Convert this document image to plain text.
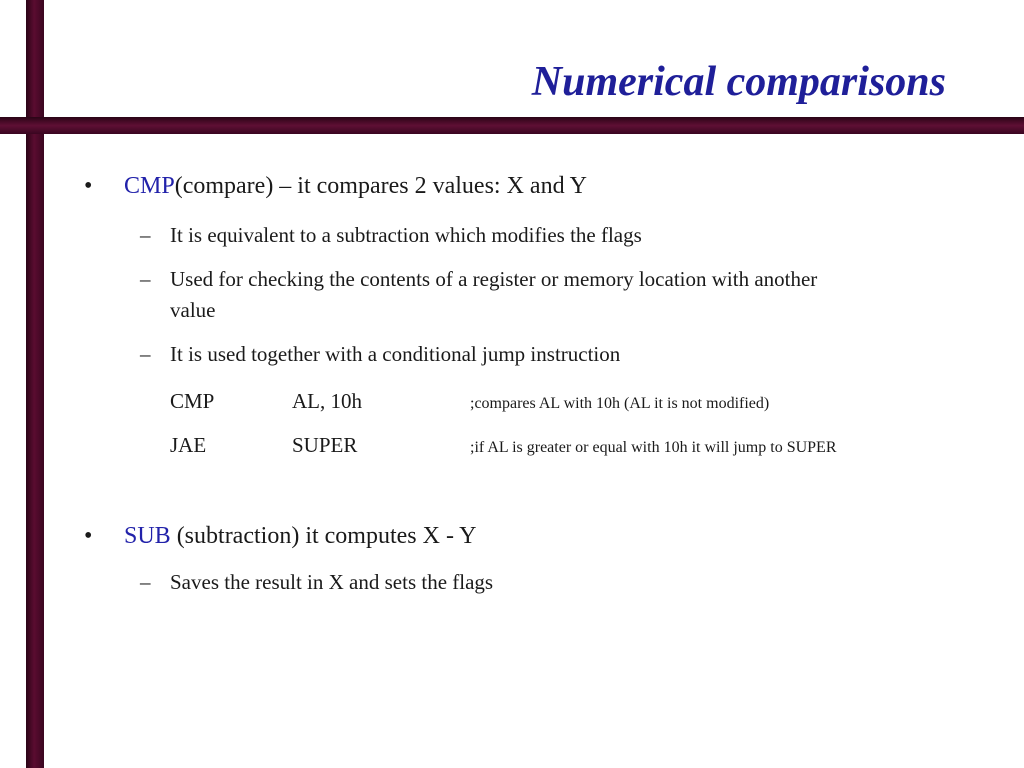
Numerical comparisons
• CMP(compare) – it compares 2 values: X and Y
– It is equivalent to a subtraction which modifies the flags
– Used for checking the contents of a register or memory location with another
value
– It is used together with a conditional jump instruction
CMP	AL, 10h	;compares AL with 10h (AL it is not modified)
JAE	SUPER	;if AL is greater or equal with 10h it will jump to SUPER
• SUB (subtraction) it computes X - Y
– Saves the result in X and sets the flags
